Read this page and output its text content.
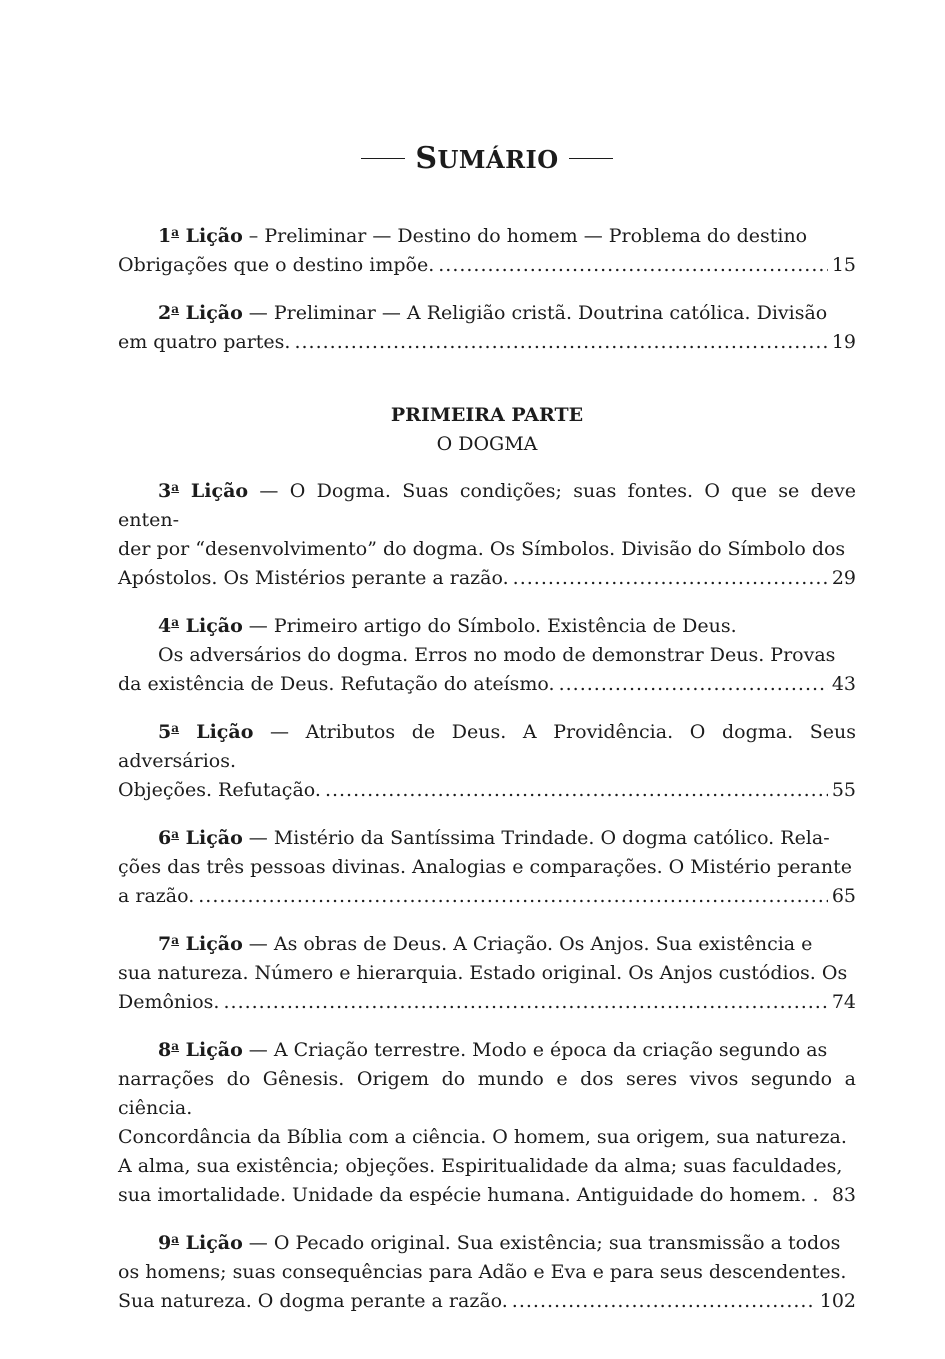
SUMÁRIO
1$^a$ Lição – Preliminar — Destino do homem — Problema do destino
Obrigações que o destino impõe. .....	15
2$^a$ Lição — Preliminar — A Religião cristã. Doutrina católica. Divisão
em quatro partes. .....	19
PRIMEIRA PARTE
O DOGMA
3$^a$ Lição — O Dogma. Suas condições; suas fontes. O que se deve enten-
der por “desenvolvimento” do dogma. Os Símbolos. Divisão do Símbolo dos
Apóstolos. Os Mistérios perante a razão. .....	29
4$^a$ Lição — Primeiro artigo do Símbolo. Existência de Deus.
Os adversários do dogma. Erros no modo de demonstrar Deus. Provas
da existência de Deus. Refutação do ateísmo. .....	43
5$^a$ Lição — Atributos de Deus. A Providência. O dogma. Seus adversários.
Objeções. Refutação. .....	55
6$^a$ Lição — Mistério da Santíssima Trindade. O dogma católico. Rela-
ções das três pessoas divinas. Analogias e comparações. O Mistério perante
a razão. .....	65
7$^a$ Lição — As obras de Deus. A Criação. Os Anjos. Sua existência e
sua natureza. Número e hierarquia. Estado original. Os Anjos custódios. Os
Demônios. .....	74
8$^a$ Lição — A Criação terrestre. Modo e época da criação segundo as
narrações do Gênesis. Origem do mundo e dos seres vivos segundo a ciência.
Concordância da Bíblia com a ciência. O homem, sua origem, sua natureza.
A alma, sua existência; objeções. Espiritualidade da alma; suas faculdades,
sua imortalidade. Unidade da espécie humana. Antiguidade do homem. . 83
9$^a$ Lição — O Pecado original. Sua existência; sua transmissão a todos
os homens; suas consequências para Adão e Eva e para seus descendentes.
Sua natureza. O dogma perante a razão. .....	102
